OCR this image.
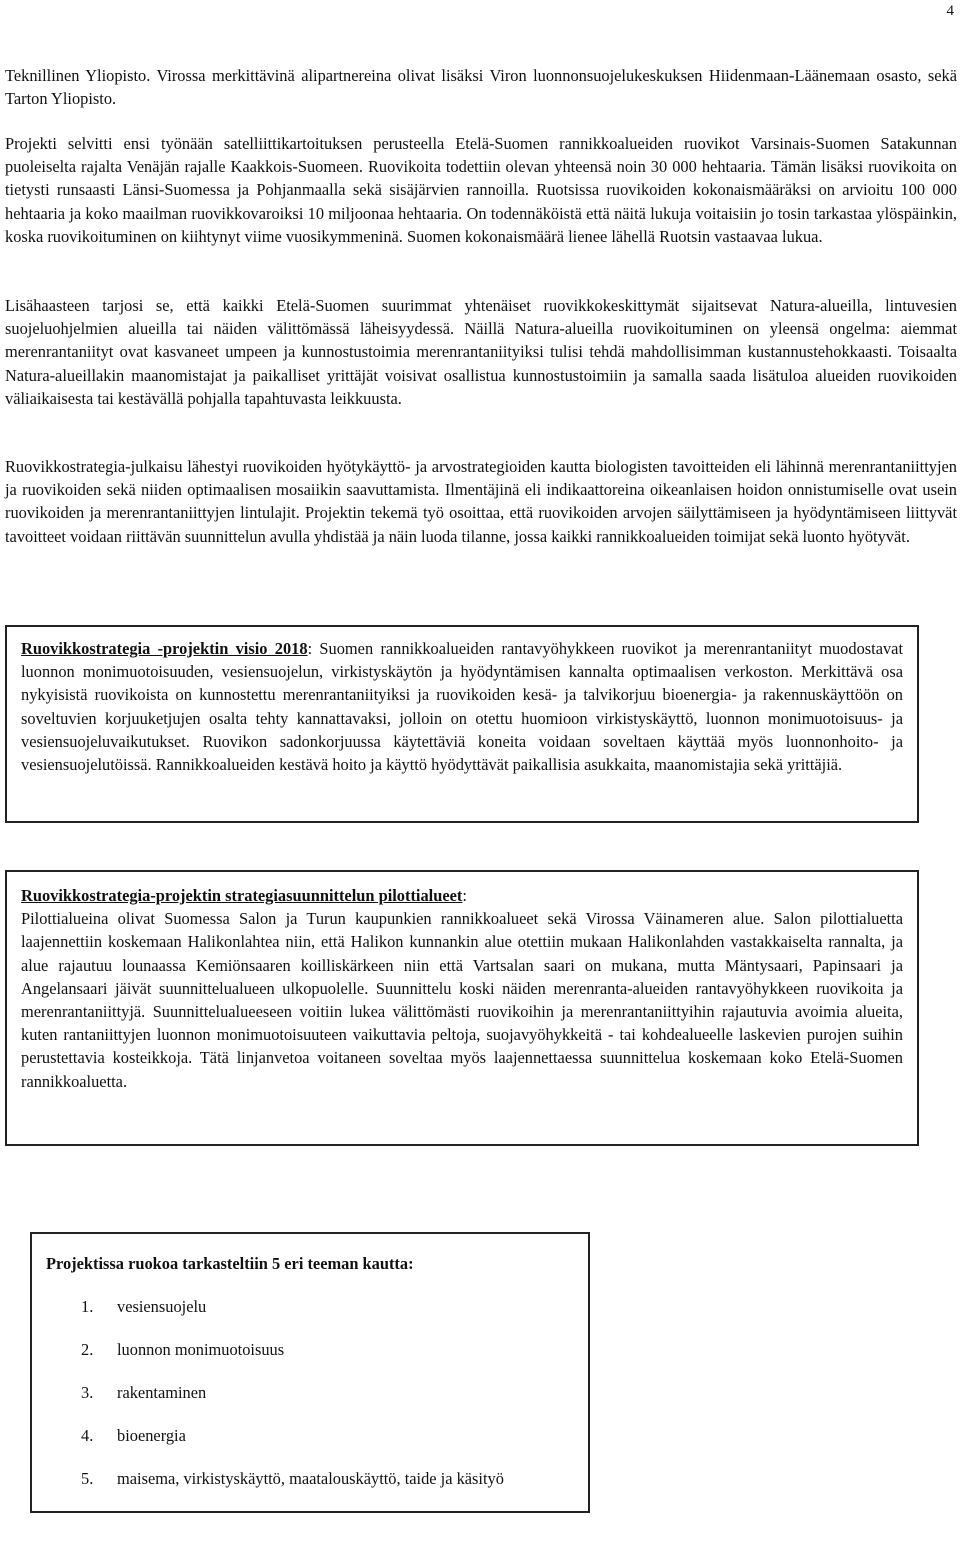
4

Teknillinen Yliopisto. Virossa merkittävinä alipartnereina olivat lisäksi Viron luonnonsuojelukeskuksen Hiidenmaan-Läänemaan osasto, sekä Tarton Yliopisto.

Projekti selvitti ensi työnään satelliittikartoituksen perusteella Etelä-Suomen rannikkoalueiden ruovikot Varsinais-Suomen Satakunnan puoleiselta rajalta Venäjän rajalle Kaakkois-Suomeen. Ruovikoita todettiin olevan yhteensä noin 30 000 hehtaaria. Tämän lisäksi ruovikoita on tietysti runsaasti Länsi-Suomessa ja Pohjanmaalla sekä sisäjärvien rannoilla. Ruotsissa ruovikoiden kokonaismääräksi on arvioitu 100 000 hehtaaria ja koko maailman ruovikkovaroiksi 10 miljoonaa hehtaaria. On todennäköistä että näitä lukuja voitaisiin jo tosin tarkastaa ylöspäinkin, koska ruovikoituminen on kiihtynyt viime vuosikymmeninä. Suomen kokonaismäärä lienee lähellä Ruotsin vastaavaa lukua.

Lisähaasteen tarjosi se, että kaikki Etelä-Suomen suurimmat yhtenäiset ruovikkokeskittymät sijaitsevat Natura-alueilla, lintuvesien suojeluohjelmien alueilla tai näiden välittömässä läheisyydessä. Näillä Natura-alueilla ruovikoituminen on yleensä ongelma: aiemmat merenrantaniityt ovat kasvaneet umpeen ja kunnostustoimia merenrantaniityiksi tulisi tehdä mahdollisimman kustannustehokkaasti. Toisaalta Natura-alueillakin maanomistajat ja paikalliset yrittäjät voisivat osallistua kunnostustoimiin ja samalla saada lisätuloa alueiden ruovikoiden väliaikaisesta tai kestävällä pohjalla tapahtuvasta leikkuusta.

Ruovikkostrategia-julkaisu lähestyi ruovikoiden hyötykäyttö- ja arvostrategioiden kautta biologisten tavoitteiden eli lähinnä merenrantaniittyjen ja ruovikoiden sekä niiden optimaalisen mosaiikin saavuttamista. Ilmentäjinä eli indikaattoreina oikeanlaisen hoidon onnistumiselle ovat usein ruovikoiden ja merenrantaniittyjen lintulajit. Projektin tekemä työ osoittaa, että ruovikoiden arvojen säilyttämiseen ja hyödyntämiseen liittyvät tavoitteet voidaan riittävän suunnittelun avulla yhdistää ja näin luoda tilanne, jossa kaikki rannikkoalueiden toimijat sekä luonto hyötyvät.

Ruovikkostrategia -projektin visio 2018: Suomen rannikkoalueiden rantavyöhykkeen ruovikot ja merenrantaniityt muodostavat luonnon monimuotoisuuden, vesiensuojelun, virkistyskäytön ja hyödyntämisen kannalta optimaalisen verkoston. Merkittävä osa nykyisistä ruovikoista on kunnostettu merenrantaniityiksi ja ruovikoiden kesä- ja talvikorjuu bioenergia- ja rakennuskäyttöön on soveltuvien korjuuketjujen osalta tehty kannattavaksi, jolloin on otettu huomioon virkistyskäyttö, luonnon monimuotoisuus- ja vesiensuojeluvaikutukset. Ruovikon sadonkorjuussa käytettäviä koneita voidaan soveltaen käyttää myös luonnonhoito- ja vesiensuojelutöissä. Rannikkoalueiden kestävä hoito ja käyttö hyödyttävät paikallisia asukkaita, maanomistajia sekä yrittäjiä.

Ruovikkostrategia-projektin strategiasuunnittelun pilottialueet:

Pilottialueina olivat Suomessa Salon ja Turun kaupunkien rannikkoalueet sekä Virossa Väinameren alue. Salon pilottialuetta laajennettiin koskemaan Halikonlahtea niin, että Halikon kunnankin alue otettiin mukaan Halikonlahden vastakkaiselta rannalta, ja alue rajautuu lounaassa Kemiönsaaren koilliskärkeen niin että Vartsalan saari on mukana, mutta Mäntysaari, Papinsaari ja Angelansaari jäivät suunnittelualueen ulkopuolelle. Suunnittelu koski näiden merenranta-alueiden rantavyöhykkeen ruovikoita ja merenrantaniittyjä. Suunnittelualueeseen voitiin lukea välittömästi ruovikoihin ja merenrantaniittyihin rajautuvia avoimia alueita, kuten rantaniittyjen luonnon monimuotoisuuteen vaikuttavia peltoja, suojavyöhykkeitä - tai kohdealueelle laskevien purojen suihin perustettavia kosteikkoja. Tätä linjanvetoa voitaneen soveltaa myös laajennettaessa suunnittelua koskemaan koko Etelä-Suomen rannikkoaluetta.

Projektissa ruokoa tarkasteltiin 5 eri teeman kautta:

1.	vesiensuojelu
2.	luonnon monimuotoisuus
3.	rakentaminen
4.	bioenergia
5.	maisema, virkistyskäyttö, maatalouskäyttö, taide ja käsityö
